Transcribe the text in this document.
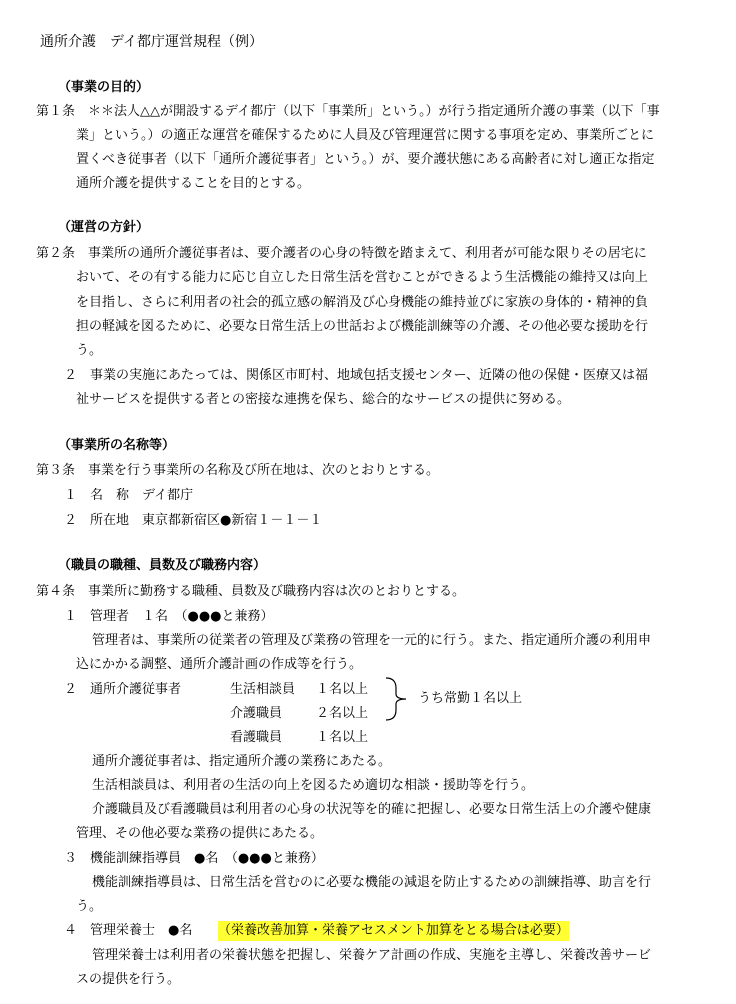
通所介護　デイ都庁運営規程（例）
（事業の目的）
第１条　＊＊法人△△が開設するデイ都庁（以下「事業所」という。）が行う指定通所介護の事業（以下「事
業」という。）の適正な運営を確保するために人員及び管理運営に関する事項を定め、事業所ごとに
置くべき従事者（以下「通所介護従事者」という。）が、要介護状態にある高齢者に対し適正な指定
通所介護を提供することを目的とする。
（運営の方針）
第２条　事業所の通所介護従事者は、要介護者の心身の特徴を踏まえて、利用者が可能な限りその居宅に
おいて、その有する能力に応じ自立した日常生活を営むことができるよう生活機能の維持又は向上
を目指し、さらに利用者の社会的孤立感の解消及び心身機能の維持並びに家族の身体的・精神的負
担の軽減を図るために、必要な日常生活上の世話および機能訓練等の介護、その他必要な援助を行
う。
２　事業の実施にあたっては、関係区市町村、地域包括支援センター、近隣の他の保健・医療又は福
祉サービスを提供する者との密接な連携を保ち、総合的なサービスの提供に努める。
（事業所の名称等）
第３条　事業を行う事業所の名称及び所在地は、次のとおりとする。
１　名　称　デイ都庁
２　所在地　東京都新宿区●新宿１－１－１
（職員の職種、員数及び職務内容）
第４条　事業所に勤務する職種、員数及び職務内容は次のとおりとする。
１　管理者　１名　（●●●と兼務）
管理者は、事業所の従業者の管理及び業務の管理を一元的に行う。また、指定通所介護の利用申
込にかかる調整、通所介護計画の作成等を行う。
２　通所介護従事者	生活相談員 １名以上
介護職員	２名以上
看護職員	１名以上
うち常勤１名以上
通所介護従事者は、指定通所介護の業務にあたる。
生活相談員は、利用者の生活の向上を図るため適切な相談・援助等を行う。
介護職員及び看護職員は利用者の心身の状況等を的確に把握し、必要な日常生活上の介護や健康
管理、その他必要な業務の提供にあたる。
３　機能訓練指導員　●名　（●●●と兼務）
機能訓練指導員は、日常生活を営むのに必要な機能の減退を防止するための訓練指導、助言を行
う。
４　管理栄養士　●名 （栄養改善加算・栄養アセスメント加算をとる場合は必要）
管理栄養士は利用者の栄養状態を把握し、栄養ケア計画の作成、実施を主導し、栄養改善サービ
スの提供を行う。
